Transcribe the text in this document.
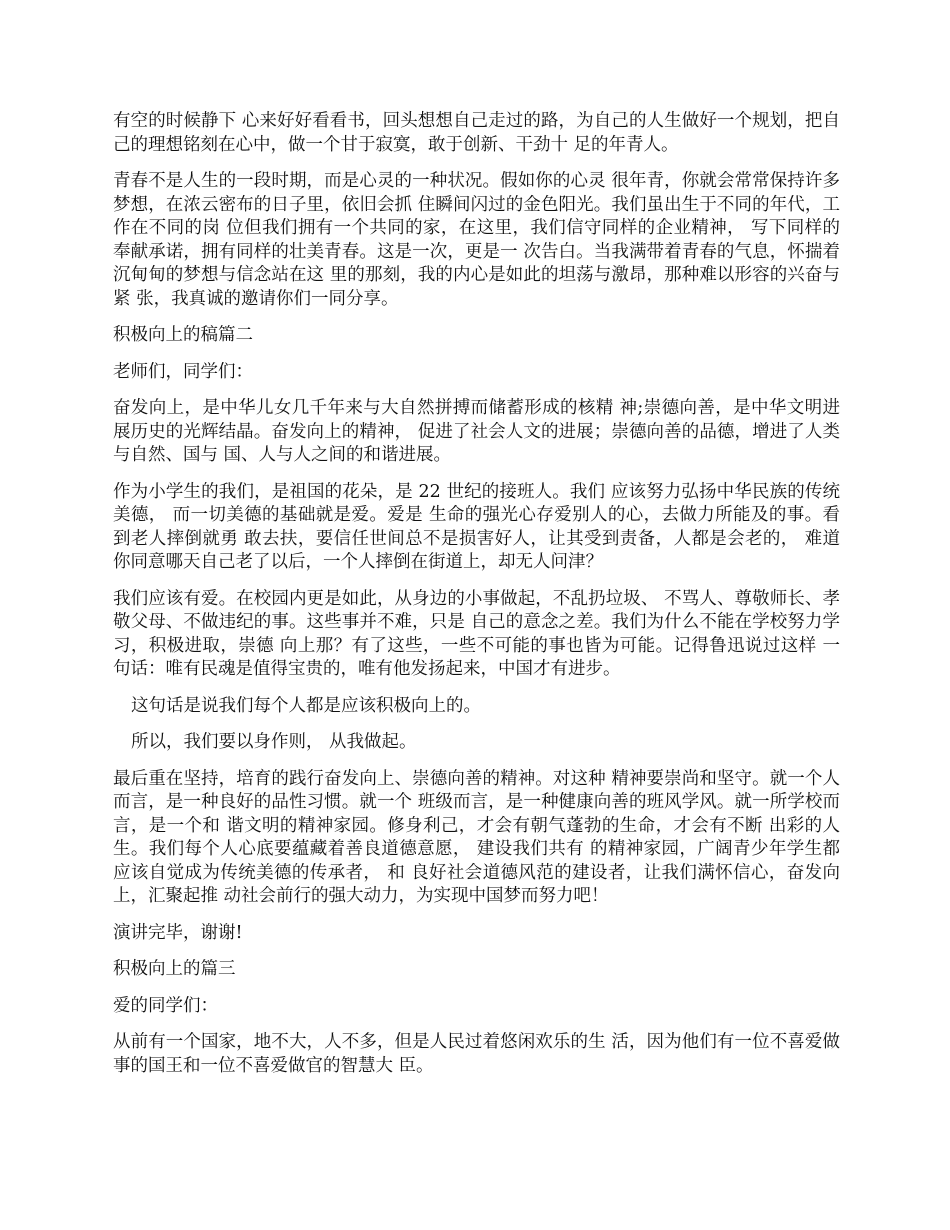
有空的时候静下 心来好好看看书，回头想想自己走过的路，为自己的人生做好一个规划，把自己的理想铭刻在心中，做一个甘于寂寞，敢于创新、干劲十 足的年青人。

青春不是人生的一段时期，而是心灵的一种状况。假如你的心灵 很年青，你就会常常保持许多梦想，在浓云密布的日子里，依旧会抓 住瞬间闪过的金色阳光。我们虽出生于不同的年代，工作在不同的岗 位但我们拥有一个共同的家，在这里，我们信守同样的企业精神， 写下同样的奉献承诺，拥有同样的壮美青春。这是一次，更是一 次告白。当我满带着青春的气息，怀揣着沉甸甸的梦想与信念站在这 里的那刻，我的内心是如此的坦荡与激昂，那种难以形容的兴奋与紧 张，我真诚的邀请你们一同分享。

积极向上的稿篇二

老师们，同学们：

奋发向上，是中华儿女几千年来与大自然拼搏而储蓄形成的核精 神;崇德向善，是中华文明进展历史的光辉结晶。奋发向上的精神， 促进了社会人文的进展；崇德向善的品德，增进了人类与自然、国与 国、人与人之间的和谐进展。

作为小学生的我们，是祖国的花朵，是 22 世纪的接班人。我们 应该努力弘扬中华民族的传统美德， 而一切美德的基础就是爱。爱是 生命的强光心存爱别人的心，去做力所能及的事。看到老人摔倒就勇 敢去扶，要信任世间总不是损害好人，让其受到责备，人都是会老的， 难道你同意哪天自己老了以后，一个人摔倒在街道上，却无人问津？

我们应该有爱。在校园内更是如此，从身边的小事做起，不乱扔垃圾、 不骂人、尊敬师长、孝敬父母、不做违纪的事。这些事并不难，只是 自己的意念之差。我们为什么不能在学校努力学习，积极进取，崇德 向上那？有了这些，一些不可能的事也皆为可能。记得鲁迅说过这样 一句话：唯有民魂是值得宝贵的，唯有他发扬起来，中国才有进步。

这句话是说我们每个人都是应该积极向上的。

所以，我们要以身作则， 从我做起。

最后重在坚持，培育的践行奋发向上、崇德向善的精神。对这种 精神要崇尚和坚守。就一个人而言，是一种良好的品性习惯。就一个 班级而言，是一种健康向善的班风学风。就一所学校而言，是一个和 谐文明的精神家园。修身利己，才会有朝气蓬勃的生命，才会有不断 出彩的人生。我们每个人心底要蕴藏着善良道德意愿， 建设我们共有 的精神家园，广阔青少年学生都应该自觉成为传统美德的传承者， 和 良好社会道德风范的建设者，让我们满怀信心，奋发向上，汇聚起推 动社会前行的强大动力，为实现中国梦而努力吧！

演讲完毕，谢谢!

积极向上的篇三

爱的同学们：

从前有一个国家，地不大，人不多，但是人民过着悠闲欢乐的生 活，因为他们有一位不喜爱做事的国王和一位不喜爱做官的智慧大 臣。
